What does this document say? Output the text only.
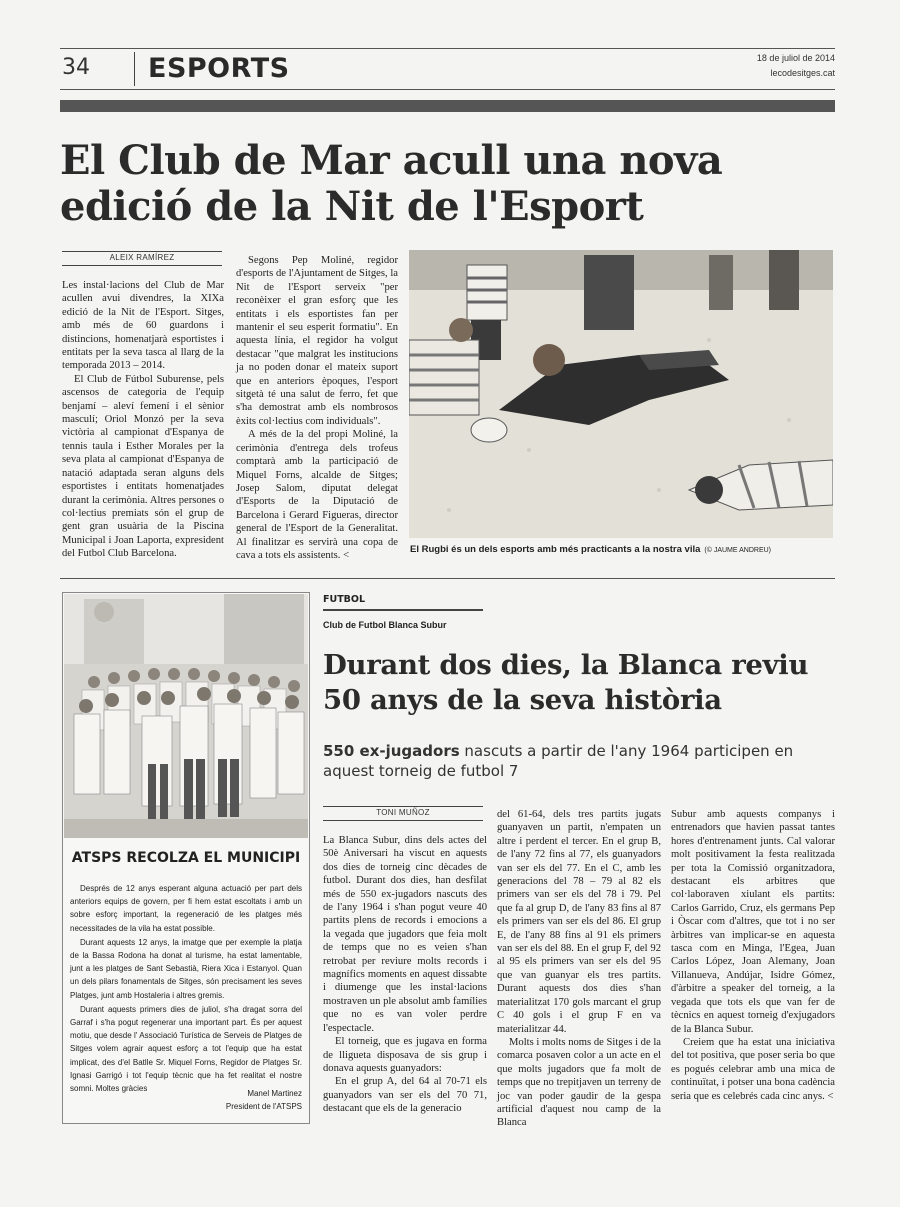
34 ESPORTS	18 de juliol de 2014
lecodesitges.cat
El Club de Mar acull una nova edició de la Nit de l'Esport
ALEIX RAMÍREZ

Les instal·lacions del Club de Mar acullen avui divendres, la XIXa edició de la Nit de l'Esport. Sitges, amb més de 60 guardons i distincions, homenatjarà esportistes i entitats per la seva tasca al llarg de la temporada 2013 – 2014.

El Club de Fútbol Suburense, pels ascensos de categoria de l'equip benjamí – aleví femení i el sènior masculí; Oriol Monzó per la seva victòria al campionat d'Espanya de tennis taula i Esther Morales per la seva plata al campionat d'Espanya de natació adaptada seran alguns dels esportistes i entitats homenatjades durant la cerimònia. Altres persones o col·lectius premiats són el grup de gent gran usuària de la Piscina Municipal i Joan Laporta, expresident del Futbol Club Barcelona.

Segons Pep Moliné, regidor d'esports de l'Ajuntament de Sitges, la Nit de l'Esport serveix "per reconèixer el gran esforç que les entitats i els esportistes fan per mantenir el seu esperit formatiu". En aquesta línia, el regidor ha volgut destacar "que malgrat les institucions ja no poden donar el mateix suport que en anteriors èpoques, l'esport sitgetà té una salut de ferro, fet que s'ha demostrat amb els nombrosos èxits col·lectius com individuals".

A més de la del propi Moliné, la cerimònia d'entrega dels trofeus comptarà amb la participació de Miquel Forns, alcalde de Sitges; Josep Salom, diputat delegat d'Esports de la Diputació de Barcelona i Gerard Figueras, director general de l'Esport de la Generalitat. Al finalitzar es servirà una copa de cava a tots els assistents. <

El Rugbi és un dels esports amb més practicants a la nostra vila (© JAUME ANDREU)
ATSPS RECOLZA EL MUNICIPI

Després de 12 anys esperant alguna actuació per part dels anteriors equips de govern, per fi hem estat escoltats i amb un sobre esforç important, la regeneració de les platges més necessitades de la vila ha estat possible.

Durant aquests 12 anys, la imatge que per exemple la platja de la Bassa Rodona ha donat al turisme, ha estat lamentable, junt a les platges de Sant Sebastià, Riera Xica i Estanyol. Quan un dels pilars fonamentals de Sitges, són precisament les seves Platges, junt amb Hostaleria i altres gremis.

Durant aquests primers dies de juliol, s'ha dragat sorra del Garraf i s'ha pogut regenerar una important part. És per aquest motiu, que desde l' Associació Turística de Serveis de Platges de Sitges volem agrair aquest esforç a tot l'equip que ha estat implicat, des d'el Batlle Sr. Miquel Forns, Regidor de Platges Sr. Ignasi Garrigó i tot l'equip tècnic que ha fet realitat el nostre somni. Moltes gràcies

Manel Martinez
President de l'ATSPS
FUTBOL
Club de Futbol Blanca Subur
Durant dos dies, la Blanca reviu 50 anys de la seva història
550 ex-jugadors nascuts a partir de l'any 1964 participen en aquest torneig de futbol 7
TONI MUÑOZ

La Blanca Subur, dins dels actes del 50è Aniversari ha viscut en aquests dos dies de torneig cinc dècades de futbol. Durant dos dies, han desfilat més de 550 ex-jugadors nascuts des de l'any 1964 i s'han pogut veure 40 partits plens de records i emocions a la vegada que jugadors que feia molt de temps que no es veien s'han retrobat per reviure molts records i magnífics moments en aquest dissabte i diumenge que les instal·lacions mostraven un ple absolut amb famílies que no es van voler perdre l'espectacle.

El torneig, que es jugava en forma de lligueta disposava de sis grup i donava aquests guanyadors:

En el grup A, del 64 al 70-71 els guanyadors van ser els del 70 71, destacant que els de la generacio

del 61-64, dels tres partits jugats guanyaven un partit, n'empaten un altre i perdent el tercer. En el grup B, de l'any 72 fins al 77, els guanyadors van ser els del 77. En el C, amb les generacions del 78 – 79 al 82 els primers van ser els del 78 i 79. Pel que fa al grup D, de l'any 83 fins al 87 els primers van ser els del 86. El grup E, de l'any 88 fins al 91 els primers van ser els del 88. En el grup F, del 92 al 95 els primers van ser els del 95 que van guanyar els tres partits. Durant aquests dos dies s'han materialitzat 170 gols marcant el grup C 40 gols i el grup F en va materialitzar 44.

Molts i molts noms de Sitges i de la comarca posaven color a un acte en el que molts jugadors que fa molt de temps que no trepitjaven un terreny de joc van poder gaudir de la gespa artificial d'aquest nou camp de la Blanca

Subur amb aquests companys i entrenadors que havien passat tantes hores d'entrenament junts. Cal valorar molt positivament la festa realitzada per tota la Comissió organitzadora, destacant els arbitres que col·laboraven xiulant els partits: Carlos Garrido, Cruz, els germans Pep i Òscar com d'altres, que tot i no ser àrbitres van implicar-se en aquesta tasca com en Minga, l'Egea, Juan Carlos López, Joan Alemany, Joan Villanueva, Andújar, Isidre Gómez, d'àrbitre a speaker del torneig, a la vegada que tots els que van fer de tècnics en aquest torneig d'exjugadors de la Blanca Subur.

Creiem que ha estat una iniciativa del tot positiva, que poser seria bo que es pogués celebrar amb una mica de continuïtat, i potser una bona cadència seria que es celebrés cada cinc anys. <
